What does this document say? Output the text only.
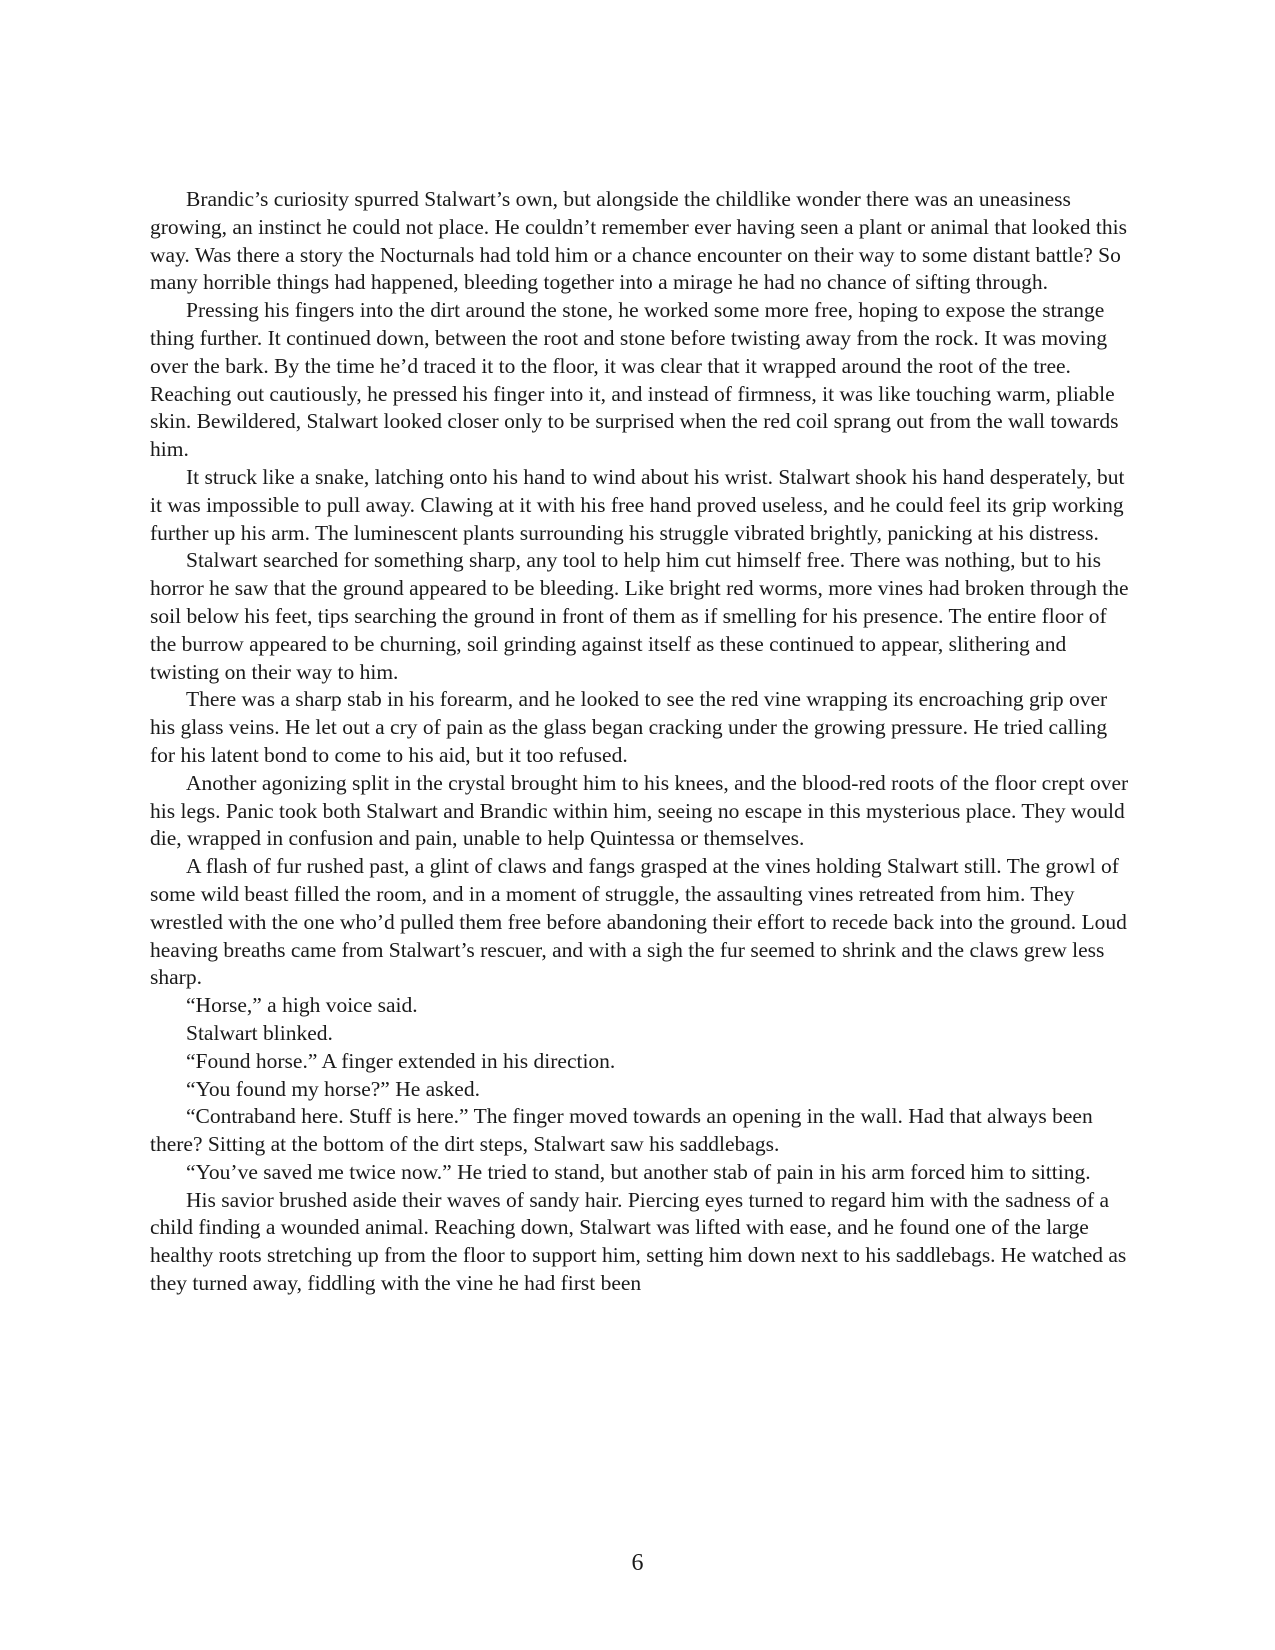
Brandic’s curiosity spurred Stalwart’s own, but alongside the childlike wonder there was an uneasiness growing, an instinct he could not place. He couldn’t remember ever having seen a plant or animal that looked this way. Was there a story the Nocturnals had told him or a chance encounter on their way to some distant battle? So many horrible things had happened, bleeding together into a mirage he had no chance of sifting through.

Pressing his fingers into the dirt around the stone, he worked some more free, hoping to expose the strange thing further. It continued down, between the root and stone before twisting away from the rock. It was moving over the bark. By the time he’d traced it to the floor, it was clear that it wrapped around the root of the tree. Reaching out cautiously, he pressed his finger into it, and instead of firmness, it was like touching warm, pliable skin. Bewildered, Stalwart looked closer only to be surprised when the red coil sprang out from the wall towards him.

It struck like a snake, latching onto his hand to wind about his wrist. Stalwart shook his hand desperately, but it was impossible to pull away. Clawing at it with his free hand proved useless, and he could feel its grip working further up his arm. The luminescent plants surrounding his struggle vibrated brightly, panicking at his distress.

Stalwart searched for something sharp, any tool to help him cut himself free. There was nothing, but to his horror he saw that the ground appeared to be bleeding. Like bright red worms, more vines had broken through the soil below his feet, tips searching the ground in front of them as if smelling for his presence. The entire floor of the burrow appeared to be churning, soil grinding against itself as these continued to appear, slithering and twisting on their way to him.

There was a sharp stab in his forearm, and he looked to see the red vine wrapping its encroaching grip over his glass veins. He let out a cry of pain as the glass began cracking under the growing pressure. He tried calling for his latent bond to come to his aid, but it too refused.

Another agonizing split in the crystal brought him to his knees, and the blood-red roots of the floor crept over his legs. Panic took both Stalwart and Brandic within him, seeing no escape in this mysterious place. They would die, wrapped in confusion and pain, unable to help Quintessa or themselves.

A flash of fur rushed past, a glint of claws and fangs grasped at the vines holding Stalwart still. The growl of some wild beast filled the room, and in a moment of struggle, the assaulting vines retreated from him. They wrestled with the one who’d pulled them free before abandoning their effort to recede back into the ground. Loud heaving breaths came from Stalwart’s rescuer, and with a sigh the fur seemed to shrink and the claws grew less sharp.

“Horse,” a high voice said.

Stalwart blinked.

“Found horse.” A finger extended in his direction.

“You found my horse?” He asked.

“Contraband here. Stuff is here.” The finger moved towards an opening in the wall. Had that always been there? Sitting at the bottom of the dirt steps, Stalwart saw his saddlebags.

“You’ve saved me twice now.” He tried to stand, but another stab of pain in his arm forced him to sitting.

His savior brushed aside their waves of sandy hair. Piercing eyes turned to regard him with the sadness of a child finding a wounded animal. Reaching down, Stalwart was lifted with ease, and he found one of the large healthy roots stretching up from the floor to support him, setting him down next to his saddlebags. He watched as they turned away, fiddling with the vine he had first been

6
